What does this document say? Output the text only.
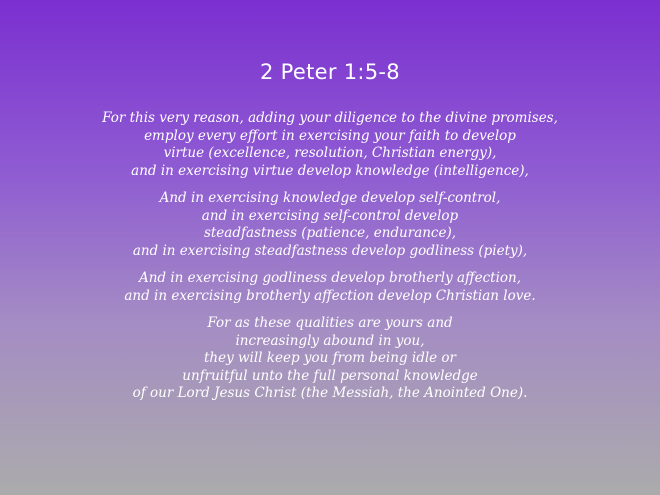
2 Peter 1:5-8

For this very reason, adding your diligence to the divine promises,
employ every effort in exercising your faith to develop
virtue (excellence, resolution, Christian energy),
and in exercising virtue develop knowledge (intelligence),

And in exercising knowledge develop self-control,
and in exercising self-control develop
steadfastness (patience, endurance),
and in exercising steadfastness develop godliness (piety),

And in exercising godliness develop brotherly affection,
and in exercising brotherly affection develop Christian love.

For as these qualities are yours and
increasingly abound in you,
they will keep you from being idle or
unfruitful unto the full personal knowledge
of our Lord Jesus Christ (the Messiah, the Anointed One).
